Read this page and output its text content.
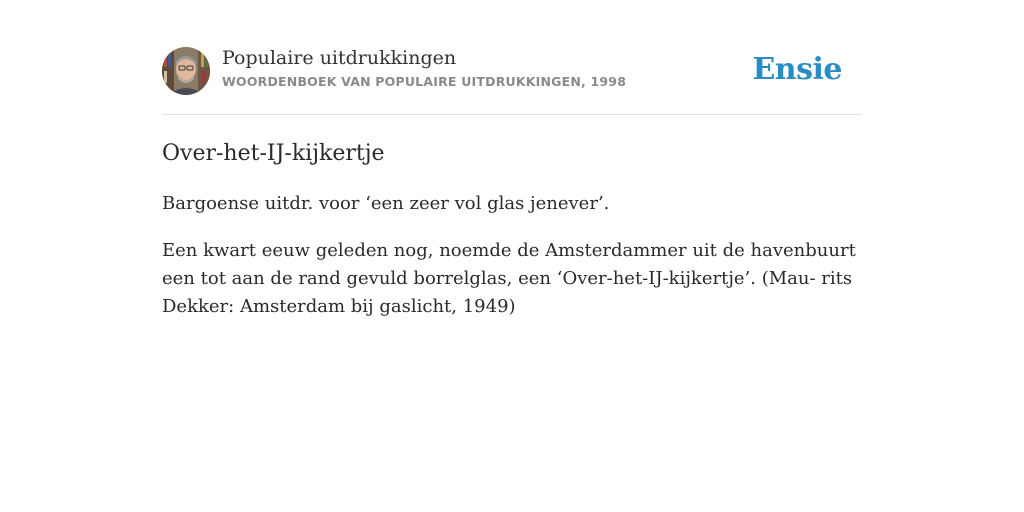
Populaire uitdrukkingen
WOORDENBOEK VAN POPULAIRE UITDRUKKINGEN, 1998	Ensie
Over-het-IJ-kijkertje

Bargoense uitdr. voor ‘een zeer vol glas jenever’.

Een kwart eeuw geleden nog, noemde de Amsterdammer uit de havenbuurt een tot aan de rand gevuld borrelglas, een ‘Over-het-IJ-kijkertje’. (Mau- rits Dekker: Amsterdam bij gaslicht, 1949)
